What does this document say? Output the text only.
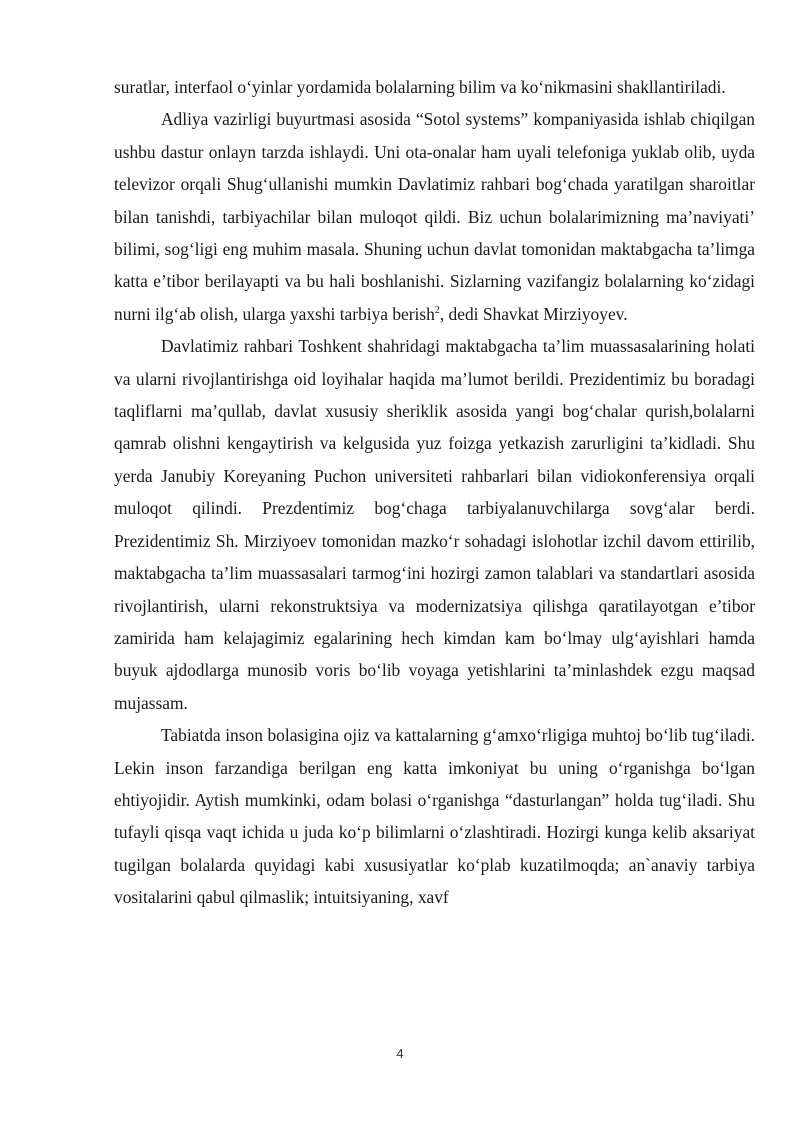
suratlar, interfaol o‘yinlar yordamida bolalarning bilim va ko‘nikmasini shakllantiriladi.

Adliya vazirligi buyurtmasi asosida “Sotol systems” kompaniyasida ishlab chiqilgan ushbu dastur onlayn tarzda ishlaydi. Uni ota-onalar ham uyali telefoniga yuklab olib, uyda televizor orqali Shug‘ullanishi mumkin Davlatimiz rahbari bog‘chada yaratilgan sharoitlar bilan tanishdi, tarbiyachilar bilan muloqot qildi. Biz uchun bolalarimizning ma’naviyati’ bilimi, sog‘ligi eng muhim masala. Shuning uchun davlat tomonidan maktabgacha ta’limga katta e’tibor berilayapti va bu hali boshlanishi. Sizlarning vazifangiz bolalarning ko‘zidagi nurni ilg‘ab olish, ularga yaxshi tarbiya berish$^2$, dedi Shavkat Mirziyoyev.

Davlatimiz rahbari Toshkent shahridagi maktabgacha ta’lim muassasalarining holati va ularni rivojlantirishga oid loyihalar haqida ma’lumot berildi. Prezidentimiz bu boradagi taqliflarni ma’qullab, davlat xususiy sheriklik asosida yangi bog‘chalar qurish,bolalarni qamrab olishni kengaytirish va kelgusida yuz foizga yetkazish zarurligini ta’kidladi. Shu yerda Janubiy Koreyaning Puchon universiteti rahbarlari bilan vidiokonferensiya orqali muloqot qilindi. Prezdentimiz bog‘chaga tarbiyalanuvchilarga sovg‘alar berdi. Prezidentimiz Sh. Mirziyoev tomonidan mazko‘r sohadagi islohotlar izchil davom ettirilib, maktabgacha ta’lim muassasalari tarmog‘ini hozirgi zamon talablari va standartlari asosida rivojlantirish, ularni rekonstruktsiya va modernizatsiya qilishga qaratilayotgan e’tibor zamirida ham kelajagimiz egalarining hech kimdan kam bo‘lmay ulg‘ayishlari hamda buyuk ajdodlarga munosib voris bo‘lib voyaga yetishlarini ta’minlashdek ezgu maqsad mujassam.

Tabiatda inson bolasigina ojiz va kattalarning g‘amxo‘rligiga muhtoj bo‘lib tug‘iladi. Lekin inson farzandiga berilgan eng katta imkoniyat bu uning o‘rganishga bo‘lgan ehtiyojidir. Aytish mumkinki, odam bolasi o‘rganishga “dasturlangan” holda tug‘iladi. Shu tufayli qisqa vaqt ichida u juda ko‘p bilimlarni o‘zlashtiradi. Hozirgi kunga kelib aksariyat tugilgan bolalarda quyidagi kabi xususiyatlar ko‘plab kuzatilmoqda; an`anaviy tarbiya vositalarini qabul qilmaslik; intuitsiyaning, xavf

4
